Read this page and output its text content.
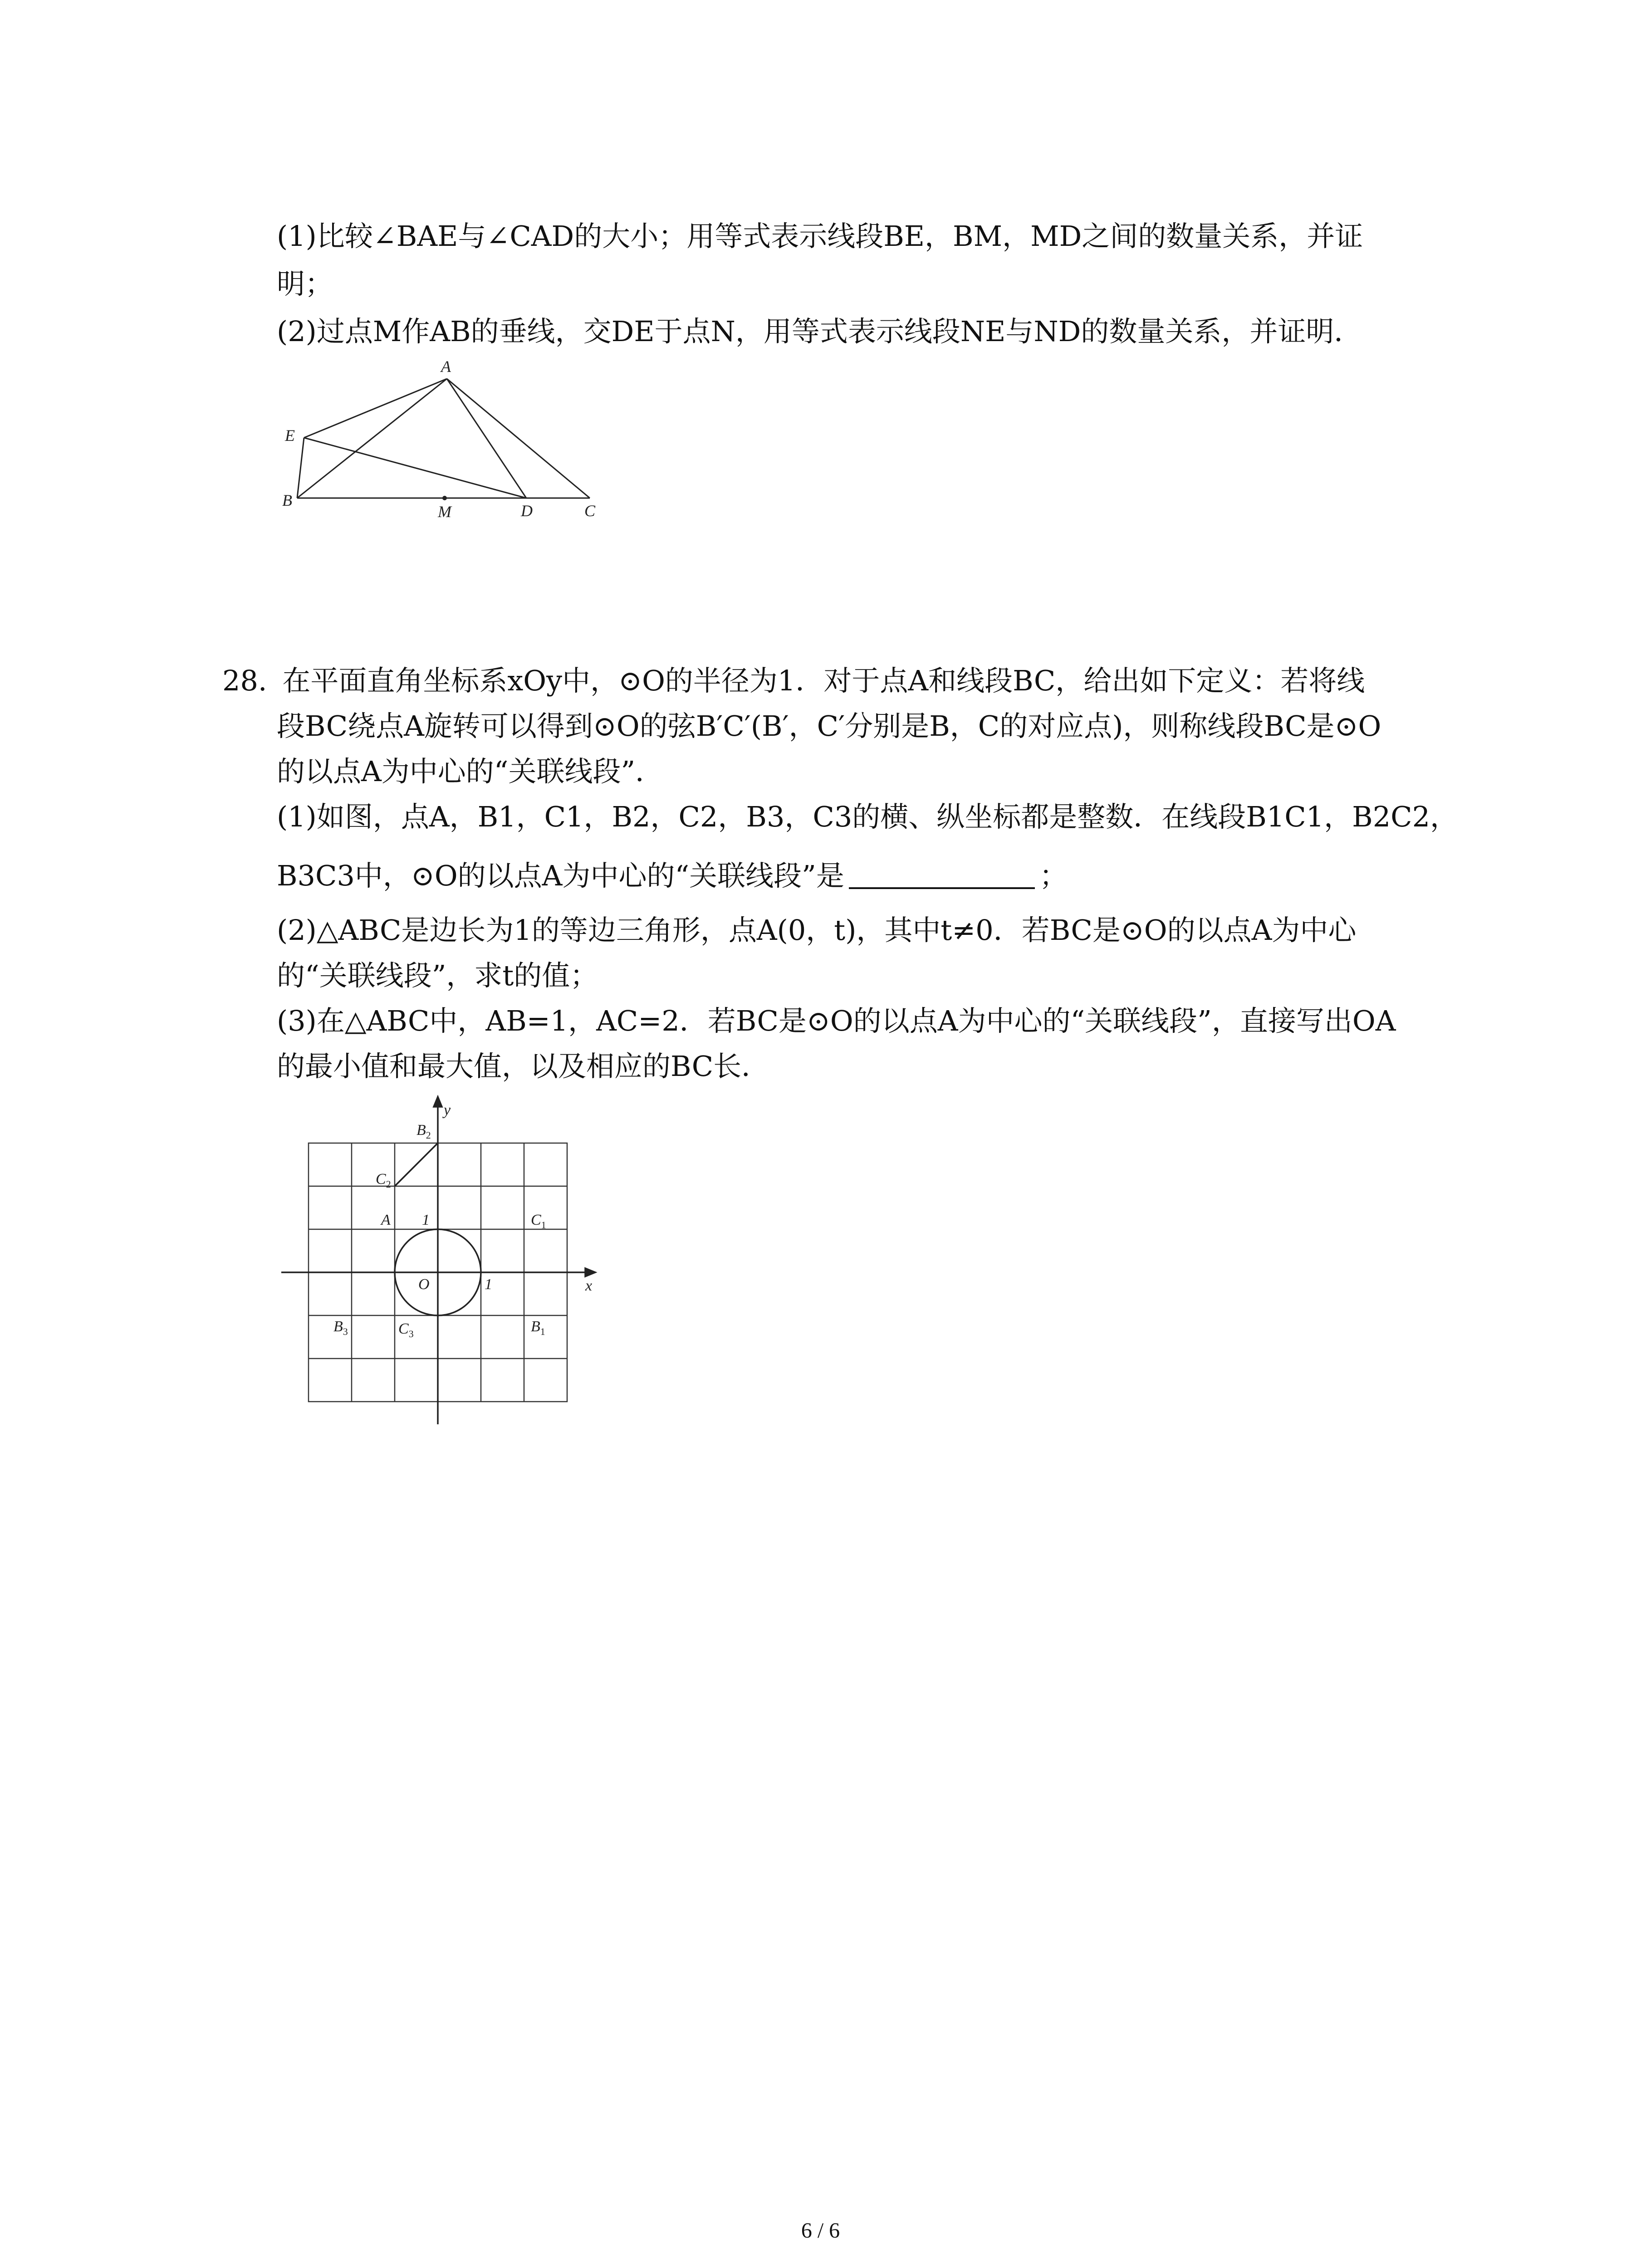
(1)比较∠BAE与∠CAD的大小；用等式表示线段BE，BM，MD之间的数量关系，并证
明；
(2)过点M作AB的垂线，交DE于点N，用等式表示线段NE与ND的数量关系，并证明．
A
E
B
M	D	C
28. 在平面直角坐标系xOy中，⊙O的半径为1．对于点A和线段BC，给出如下定义：若将线
段BC绕点A旋转可以得到⊙O的弦B′C′(B′，C′分别是B，C的对应点)，则称线段BC是⊙O
的以点A为中心的“关联线段”．
(1)如图，点A，B1，C1，B2，C2，B3，C3的横、纵坐标都是整数．在线段B1C1，B2C2，
B3C3中，⊙O的以点A为中心的“关联线段”是	；
(2)△ABC是边长为1的等边三角形，点A(0，t)，其中t≠0．若BC是⊙O的以点A为中心
的“关联线段”，求t的值；
(3)在△ABC中，AB=1，AC=2．若BC是⊙O的以点A为中心的“关联线段”，直接写出OA
的最小值和最大值，以及相应的BC长．
y
x
O
1
1
A
$B_2$
$C_2$
$C_1$
$B_1$
$B_3$	$C_3$
6 / 6
